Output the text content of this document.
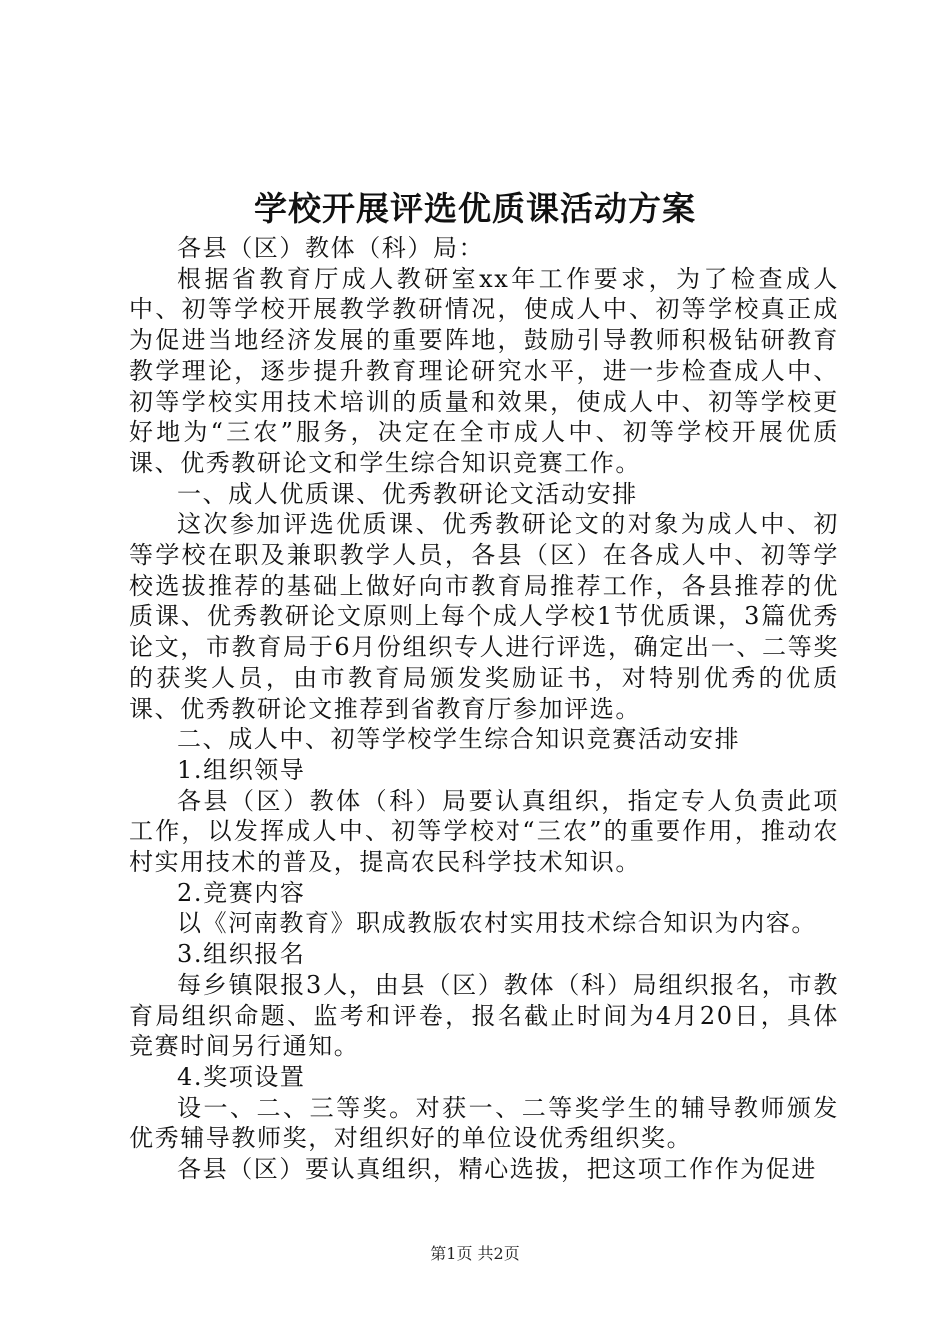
学校开展评选优质课活动方案

各县（区）教体（科）局：

根据省教育厅成人教研室xx年工作要求，为了检查成人中、初等学校开展教学教研情况，使成人中、初等学校真正成为促进当地经济发展的重要阵地，鼓励引导教师积极钻研教育教学理论，逐步提升教育理论研究水平，进一步检查成人中、初等学校实用技术培训的质量和效果，使成人中、初等学校更好地为“三农”服务，决定在全市成人中、初等学校开展优质课、优秀教研论文和学生综合知识竞赛工作。

一、成人优质课、优秀教研论文活动安排

这次参加评选优质课、优秀教研论文的对象为成人中、初等学校在职及兼职教学人员，各县（区）在各成人中、初等学校选拔推荐的基础上做好向市教育局推荐工作，各县推荐的优质课、优秀教研论文原则上每个成人学校1节优质课，3篇优秀论文，市教育局于6月份组织专人进行评选，确定出一、二等奖的获奖人员，由市教育局颁发奖励证书，对特别优秀的优质课、优秀教研论文推荐到省教育厅参加评选。

二、成人中、初等学校学生综合知识竞赛活动安排

1.组织领导

各县（区）教体（科）局要认真组织，指定专人负责此项工作，以发挥成人中、初等学校对“三农”的重要作用，推动农村实用技术的普及，提高农民科学技术知识。

2.竞赛内容

以《河南教育》职成教版农村实用技术综合知识为内容。

3.组织报名

每乡镇限报3人，由县（区）教体（科）局组织报名，市教育局组织命题、监考和评卷，报名截止时间为4月20日，具体竞赛时间另行通知。

4.奖项设置

设一、二、三等奖。对获一、二等奖学生的辅导教师颁发优秀辅导教师奖，对组织好的单位设优秀组织奖。

各县（区）要认真组织，精心选拔，把这项工作作为促进

第1页 共2页
